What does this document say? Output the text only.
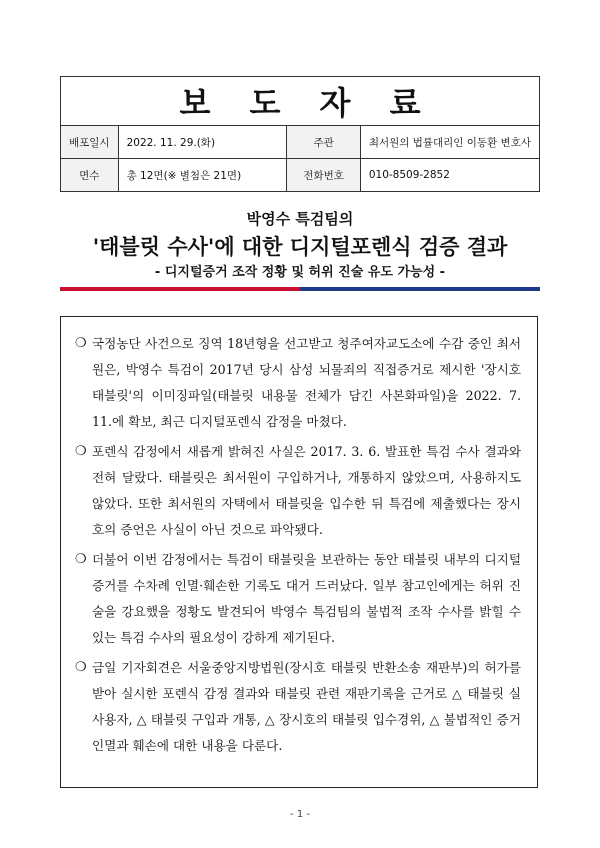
보 도 자 료
배포일시	2022. 11. 29.(화)	주관	최서원의 법률대리인 이동환 변호사
면수	총 12면(※ 별첨은 21면)	전화번호	010-8509-2852
박영수 특검팀의
'태블릿 수사'에 대한 디지털포렌식 검증 결과
- 디지털증거 조작 정황 및 허위 진술 유도 가능성 -
❍ 국정농단 사건으로 징역 18년형을 선고받고 청주여자교도소에 수감 중인 최서원은, 박영수 특검이 2017년 당시 삼성 뇌물죄의 직접증거로 제시한 '장시호 태블릿'의 이미징파일(태블릿 내용물 전체가 담긴 사본화파일)을 2022. 7. 11.에 확보, 최근 디지털포렌식 감정을 마쳤다.
❍ 포렌식 감정에서 새롭게 밝혀진 사실은 2017. 3. 6. 발표한 특검 수사 결과와 전혀 달랐다. 태블릿은 최서원이 구입하거나, 개통하지 않았으며, 사용하지도 않았다. 또한 최서원의 자택에서 태블릿을 입수한 뒤 특검에 제출했다는 장시호의 증언은 사실이 아닌 것으로 파악됐다.
❍ 더불어 이번 감정에서는 특검이 태블릿을 보관하는 동안 태블릿 내부의 디지털증거를 수차례 인멸·훼손한 기록도 대거 드러났다. 일부 참고인에게는 허위 진술을 강요했을 정황도 발견되어 박영수 특검팀의 불법적 조작 수사를 밝힐 수 있는 특검 수사의 필요성이 강하게 제기된다.
❍ 금일 기자회견은 서울중앙지방법원(장시호 태블릿 반환소송 재판부)의 허가를 받아 실시한 포렌식 감정 결과와 태블릿 관련 재판기록을 근거로 △ 태블릿 실사용자, △ 태블릿 구입과 개통, △ 장시호의 태블릿 입수경위, △ 불법적인 증거 인멸과 훼손에 대한 내용을 다룬다.
- 1 -
